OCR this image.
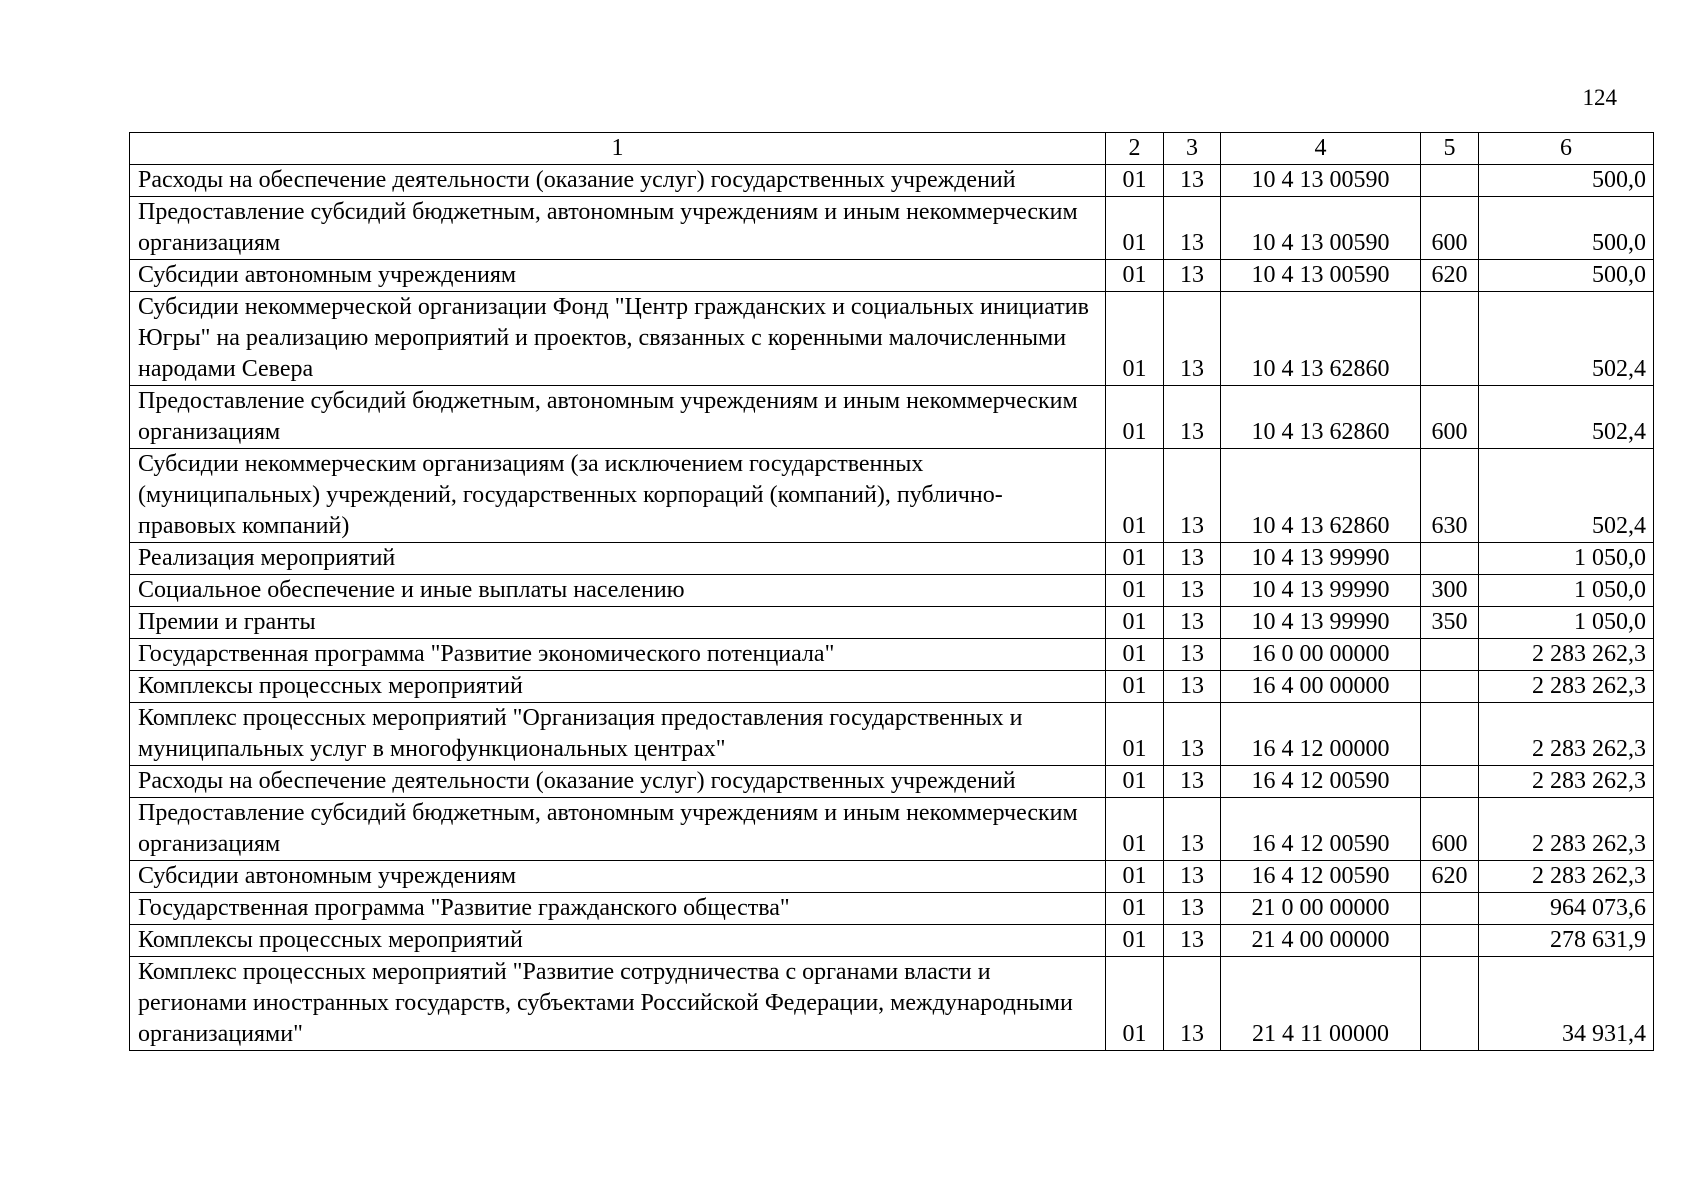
124
1	2	3	4	5	6
Расходы на обеспечение деятельности (оказание услуг) государственных учреждений	01	13	10 4 13 00590		500,0
Предоставление субсидий бюджетным, автономным учреждениям и иным некоммерческим организациям	01	13	10 4 13 00590	600	500,0
Субсидии автономным учреждениям	01	13	10 4 13 00590	620	500,0
Субсидии некоммерческой организации Фонд "Центр гражданских и социальных инициатив Югры" на реализацию мероприятий и проектов, связанных с коренными малочисленными народами Севера	01	13	10 4 13 62860		502,4
Предоставление субсидий бюджетным, автономным учреждениям и иным некоммерческим организациям	01	13	10 4 13 62860	600	502,4
Субсидии некоммерческим организациям (за исключением государственных (муниципальных) учреждений, государственных корпораций (компаний), публично-правовых компаний)	01	13	10 4 13 62860	630	502,4
Реализация мероприятий	01	13	10 4 13 99990		1 050,0
Социальное обеспечение и иные выплаты населению	01	13	10 4 13 99990	300	1 050,0
Премии и гранты	01	13	10 4 13 99990	350	1 050,0
Государственная программа "Развитие экономического потенциала"	01	13	16 0 00 00000		2 283 262,3
Комплексы процессных мероприятий	01	13	16 4 00 00000		2 283 262,3
Комплекс процессных мероприятий "Организация предоставления государственных и муниципальных услуг в многофункциональных центрах"	01	13	16 4 12 00000		2 283 262,3
Расходы на обеспечение деятельности (оказание услуг) государственных учреждений	01	13	16 4 12 00590		2 283 262,3
Предоставление субсидий бюджетным, автономным учреждениям и иным некоммерческим организациям	01	13	16 4 12 00590	600	2 283 262,3
Субсидии автономным учреждениям	01	13	16 4 12 00590	620	2 283 262,3
Государственная программа "Развитие гражданского общества"	01	13	21 0 00 00000		964 073,6
Комплексы процессных мероприятий	01	13	21 4 00 00000		278 631,9
Комплекс процессных мероприятий "Развитие сотрудничества с органами власти и регионами иностранных государств, субъектами Российской Федерации, международными организациями"	01	13	21 4 11 00000		34 931,4
